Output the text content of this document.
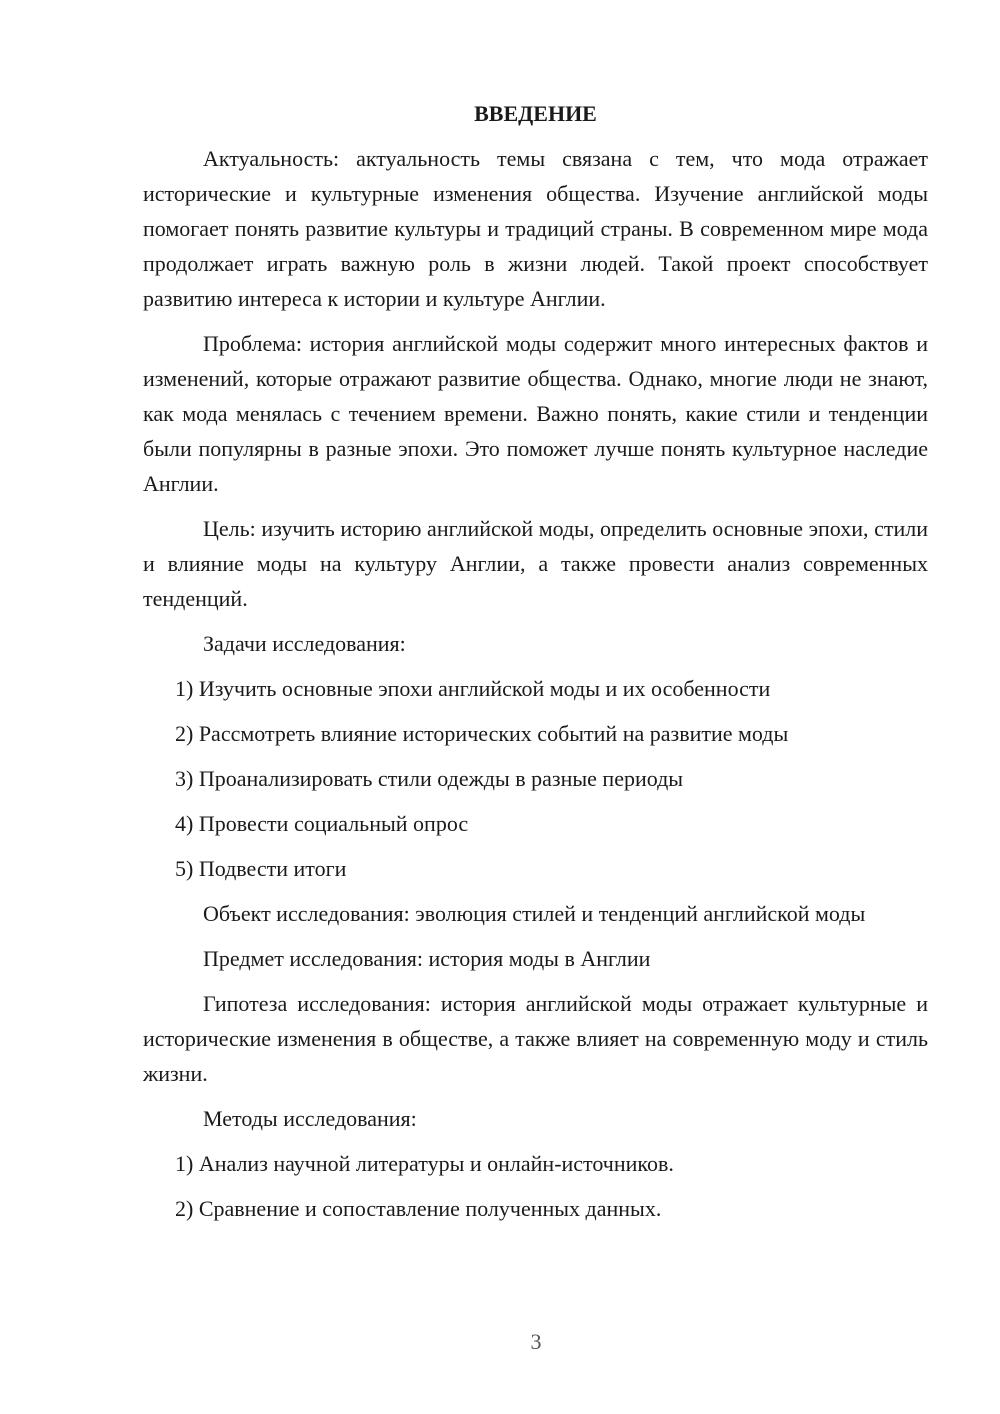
ВВЕДЕНИЕ
Актуальность: актуальность темы связана с тем, что мода отражает исторические и культурные изменения общества. Изучение английской моды помогает понять развитие культуры и традиций страны. В современном мире мода продолжает играть важную роль в жизни людей. Такой проект способствует развитию интереса к истории и культуре Англии.
Проблема: история английской моды содержит много интересных фактов и изменений, которые отражают развитие общества. Однако, многие люди не знают, как мода менялась с течением времени. Важно понять, какие стили и тенденции были популярны в разные эпохи. Это поможет лучше понять культурное наследие Англии.
Цель: изучить историю английской моды, определить основные эпохи, стили и влияние моды на культуру Англии, а также провести анализ современных тенденций.
Задачи исследования:
1) Изучить основные эпохи английской моды и их особенности
2) Рассмотреть влияние исторических событий на развитие моды
3) Проанализировать стили одежды в разные периоды
4) Провести социальный опрос
5) Подвести итоги
Объект исследования: эволюция стилей и тенденций английской моды
Предмет исследования: история моды в Англии
Гипотеза исследования: история английской моды отражает культурные и исторические изменения в обществе, а также влияет на современную моду и стиль жизни.
Методы исследования:
1) Анализ научной литературы и онлайн-источников.
2) Сравнение и сопоставление полученных данных.
3
